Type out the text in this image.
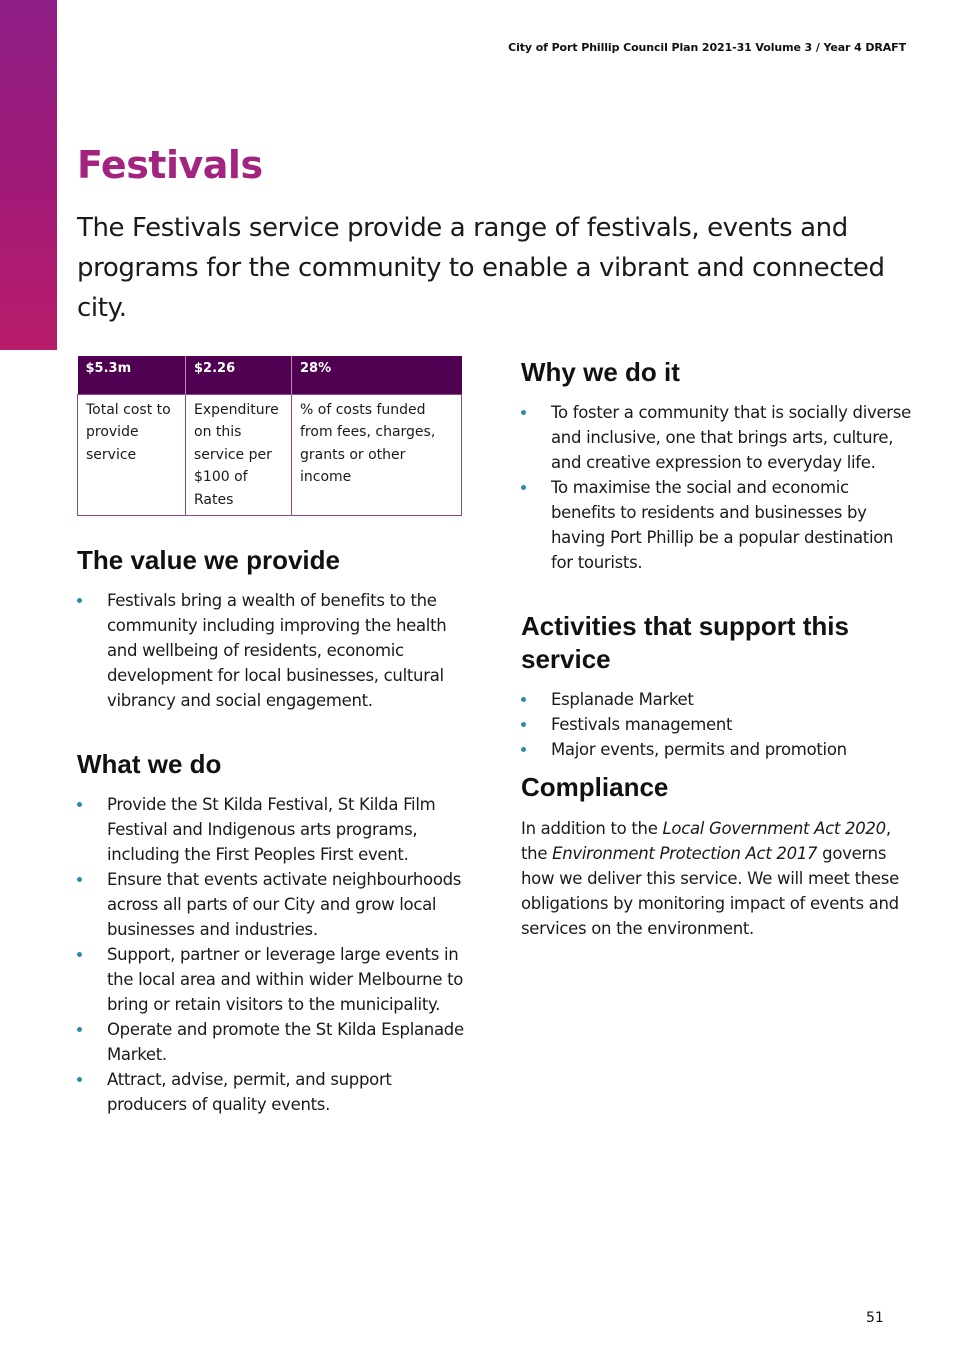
City of Port Phillip Council Plan 2021-31 Volume 3 / Year 4 DRAFT
Festivals

The Festivals service provide a range of festivals, events and programs for the community to enable a vibrant and connected city.

$5.3m	$2.26	28%
Total cost to provide service	Expenditure on this service per $100 of Rates	% of costs funded from fees, charges, grants or other income
The value we provide
Festivals bring a wealth of benefits to the community including improving the health and wellbeing of residents, economic development for local businesses, cultural vibrancy and social engagement.
What we do
Provide the St Kilda Festival, St Kilda Film Festival and Indigenous arts programs, including the First Peoples First event.
Ensure that events activate neighbourhoods across all parts of our City and grow local businesses and industries.
Support, partner or leverage large events in the local area and within wider Melbourne to bring or retain visitors to the municipality.
Operate and promote the St Kilda Esplanade Market.
Attract, advise, permit, and support producers of quality events.
Why we do it
To foster a community that is socially diverse and inclusive, one that brings arts, culture, and creative expression to everyday life.
To maximise the social and economic benefits to residents and businesses by having Port Phillip be a popular destination for tourists.
Activities that support this service
Esplanade Market
Festivals management
Major events, permits and promotion
Compliance

In addition to the Local Government Act 2020, the Environment Protection Act 2017 governs how we deliver this service. We will meet these obligations by monitoring impact of events and services on the environment.

51
